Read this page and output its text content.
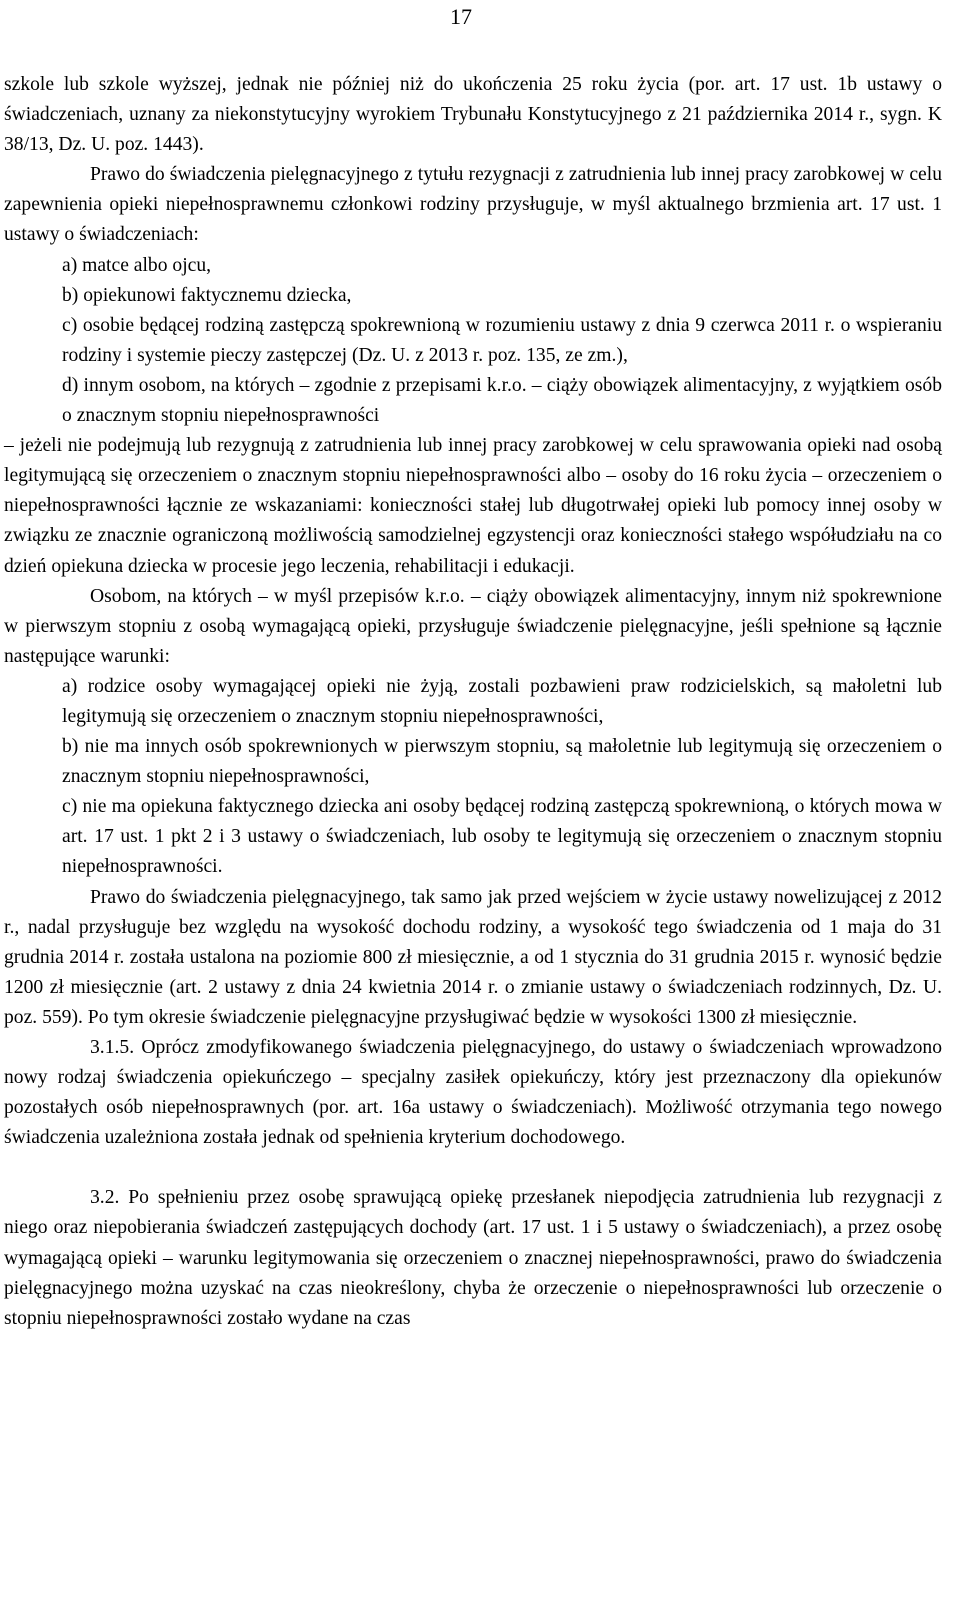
17

szkole lub szkole wyższej, jednak nie później niż do ukończenia 25 roku życia (por. art. 17 ust. 1b ustawy o świadczeniach, uznany za niekonstytucyjny wyrokiem Trybunału Konstytucyjnego z 21 października 2014 r., sygn. K 38/13, Dz. U. poz. 1443).

Prawo do świadczenia pielęgnacyjnego z tytułu rezygnacji z zatrudnienia lub innej pracy zarobkowej w celu zapewnienia opieki niepełnosprawnemu członkowi rodziny przysługuje, w myśl aktualnego brzmienia art. 17 ust. 1 ustawy o świadczeniach:

a) matce albo ojcu,

b) opiekunowi faktycznemu dziecka,

c) osobie będącej rodziną zastępczą spokrewnioną w rozumieniu ustawy z dnia 9 czerwca 2011 r. o wspieraniu rodziny i systemie pieczy zastępczej (Dz. U. z 2013 r. poz. 135, ze zm.),

d) innym osobom, na których – zgodnie z przepisami k.r.o. – ciąży obowiązek alimentacyjny, z wyjątkiem osób o znacznym stopniu niepełnosprawności

– jeżeli nie podejmują lub rezygnują z zatrudnienia lub innej pracy zarobkowej w celu sprawowania opieki nad osobą legitymującą się orzeczeniem o znacznym stopniu niepełnosprawności albo – osoby do 16 roku życia – orzeczeniem o niepełnosprawności łącznie ze wskazaniami: konieczności stałej lub długotrwałej opieki lub pomocy innej osoby w związku ze znacznie ograniczoną możliwością samodzielnej egzystencji oraz konieczności stałego współudziału na co dzień opiekuna dziecka w procesie jego leczenia, rehabilitacji i edukacji.

Osobom, na których – w myśl przepisów k.r.o. – ciąży obowiązek alimentacyjny, innym niż spokrewnione w pierwszym stopniu z osobą wymagającą opieki, przysługuje świadczenie pielęgnacyjne, jeśli spełnione są łącznie następujące warunki:

a) rodzice osoby wymagającej opieki nie żyją, zostali pozbawieni praw rodzicielskich, są małoletni lub legitymują się orzeczeniem o znacznym stopniu niepełnosprawności,

b) nie ma innych osób spokrewnionych w pierwszym stopniu, są małoletnie lub legitymują się orzeczeniem o znacznym stopniu niepełnosprawności,

c) nie ma opiekuna faktycznego dziecka ani osoby będącej rodziną zastępczą spokrewnioną, o których mowa w art. 17 ust. 1 pkt 2 i 3 ustawy o świadczeniach, lub osoby te legitymują się orzeczeniem o znacznym stopniu niepełnosprawności.

Prawo do świadczenia pielęgnacyjnego, tak samo jak przed wejściem w życie ustawy nowelizującej z 2012 r., nadal przysługuje bez względu na wysokość dochodu rodziny, a wysokość tego świadczenia od 1 maja do 31 grudnia 2014 r. została ustalona na poziomie 800 zł miesięcznie, a od 1 stycznia do 31 grudnia 2015 r. wynosić będzie 1200 zł miesięcznie (art. 2 ustawy z dnia 24 kwietnia 2014 r. o zmianie ustawy o świadczeniach rodzinnych, Dz. U. poz. 559). Po tym okresie świadczenie pielęgnacyjne przysługiwać będzie w wysokości 1300 zł miesięcznie.

3.1.5. Oprócz zmodyfikowanego świadczenia pielęgnacyjnego, do ustawy o świadczeniach wprowadzono nowy rodzaj świadczenia opiekuńczego – specjalny zasiłek opiekuńczy, który jest przeznaczony dla opiekunów pozostałych osób niepełnosprawnych (por. art. 16a ustawy o świadczeniach). Możliwość otrzymania tego nowego świadczenia uzależniona została jednak od spełnienia kryterium dochodowego.

3.2. Po spełnieniu przez osobę sprawującą opiekę przesłanek niepodjęcia zatrudnienia lub rezygnacji z niego oraz niepobierania świadczeń zastępujących dochody (art. 17 ust. 1 i 5 ustawy o świadczeniach), a przez osobę wymagającą opieki – warunku legitymowania się orzeczeniem o znacznej niepełnosprawności, prawo do świadczenia pielęgnacyjnego można uzyskać na czas nieokreślony, chyba że orzeczenie o niepełnosprawności lub orzeczenie o stopniu niepełnosprawności zostało wydane na czas
